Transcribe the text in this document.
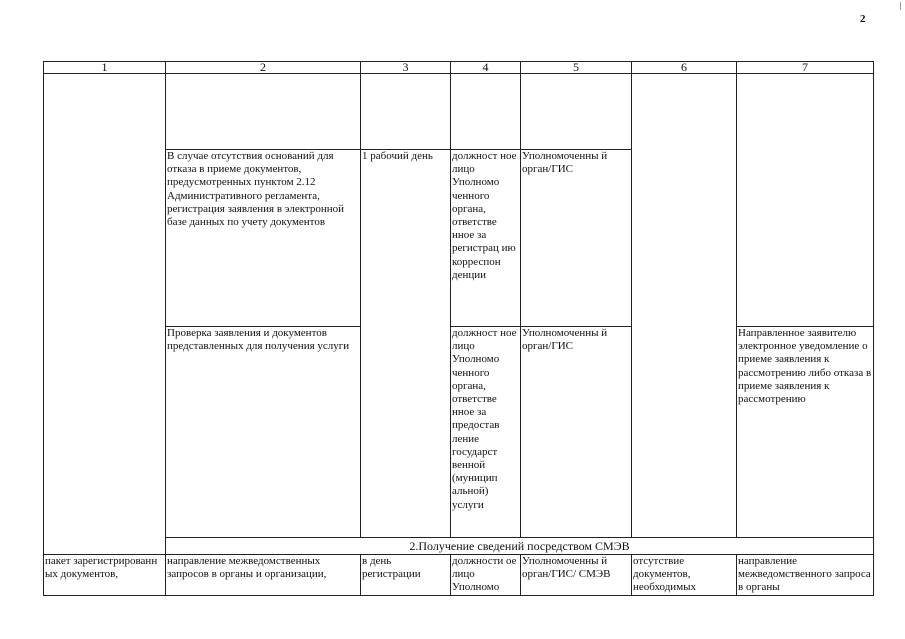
2
1	2	3	4	5	6	7

	В случае отсутствия оснований для отказа в приеме документов, предусмотренных пунктом 2.12 Административного регламента, регистрация заявления в электронной базе данных по учету документов	1 рабочий день	должност ное лицо Уполномо ченного органа, ответстве нное за регистрац ию корреспон денции	Уполномоченны й орган/ГИС		
	Проверка заявления и документов представленных для получения услуги		должност ное лицо Уполномо ченного органа, ответстве нное за предостав ление государст венной (муницип альной) услуги	Уполномоченны й орган/ГИС		Направленное заявителю электронное уведомление о приеме заявления к рассмотрению либо отказа в приеме заявления к рассмотрению
	2.Получение сведений посредством СМЭВ					
пакет зарегистрированн ых документов,	направление межведомственных запросов в органы и организации,	в день регистрации	должности ое лицо Уполномо	Уполномоченны й орган/ГИС/ СМЭВ	отсутствие документов, необходимых	направление межведомственного запроса в органы
